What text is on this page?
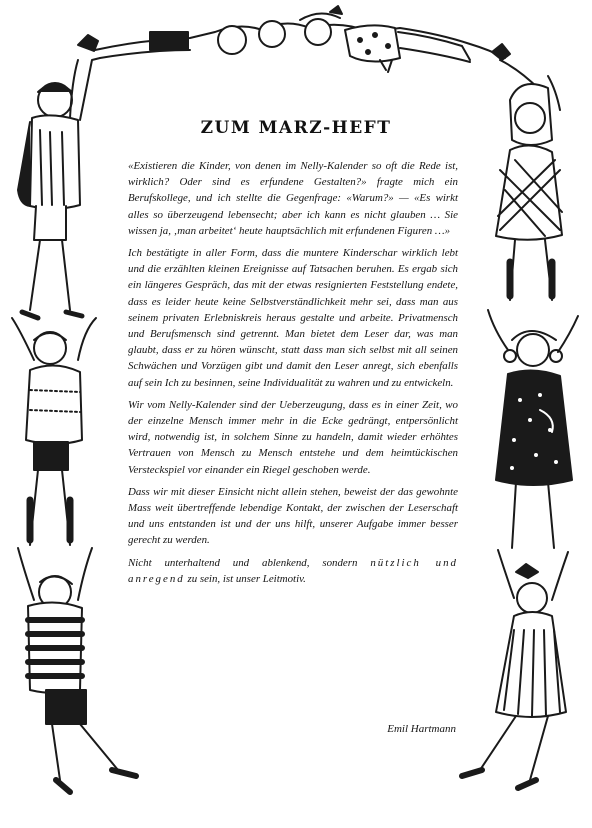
ZUM MARZ-HEFT

«Existieren die Kinder, von denen im Nelly-Kalender so oft die Rede ist, wirklich? Oder sind es erfundene Gestalten?» fragte mich ein Berufskollege, und ich stellte die Gegenfrage: «Warum?» — «Es wirkt alles so überzeugend lebensecht; aber ich kann es nicht glauben … Sie wissen ja, ‚man arbeitet‘ heute hauptsächlich mit erfundenen Figuren …»

Ich bestätigte in aller Form, dass die muntere Kinderschar wirklich lebt und die erzählten kleinen Ereignisse auf Tatsachen beruhen. Es ergab sich ein längeres Gespräch, das mit der etwas resignierten Feststellung endete, dass es leider heute keine Selbstverständlichkeit mehr sei, dass man aus seinem privaten Erlebniskreis heraus gestalte und arbeite. Privatmensch und Berufsmensch sind getrennt. Man bietet dem Leser dar, was man glaubt, dass er zu hören wünscht, statt dass man sich selbst mit all seinen Schwächen und Vorzügen gibt und damit den Leser anregt, sich ebenfalls auf sein Ich zu besinnen, seine Individualität zu wahren und zu entwickeln.

Wir vom Nelly-Kalender sind der Ueberzeugung, dass es in einer Zeit, wo der einzelne Mensch immer mehr in die Ecke gedrängt, entpersönlicht wird, notwendig ist, in solchem Sinne zu handeln, damit wieder erhöhtes Vertrauen von Mensch zu Mensch entstehe und dem heimtückischen Versteckspiel vor einander ein Riegel geschoben werde.

Dass wir mit dieser Einsicht nicht allein stehen, beweist der das gewohnte Mass weit übertreffende lebendige Kontakt, der zwischen der Leserschaft und uns entstanden ist und der uns hilft, unserer Aufgabe immer besser gerecht zu werden.

Nicht unterhaltend und ablenkend, sondern nützlich und anregend zu sein, ist unser Leitmotiv.

Emil Hartmann
